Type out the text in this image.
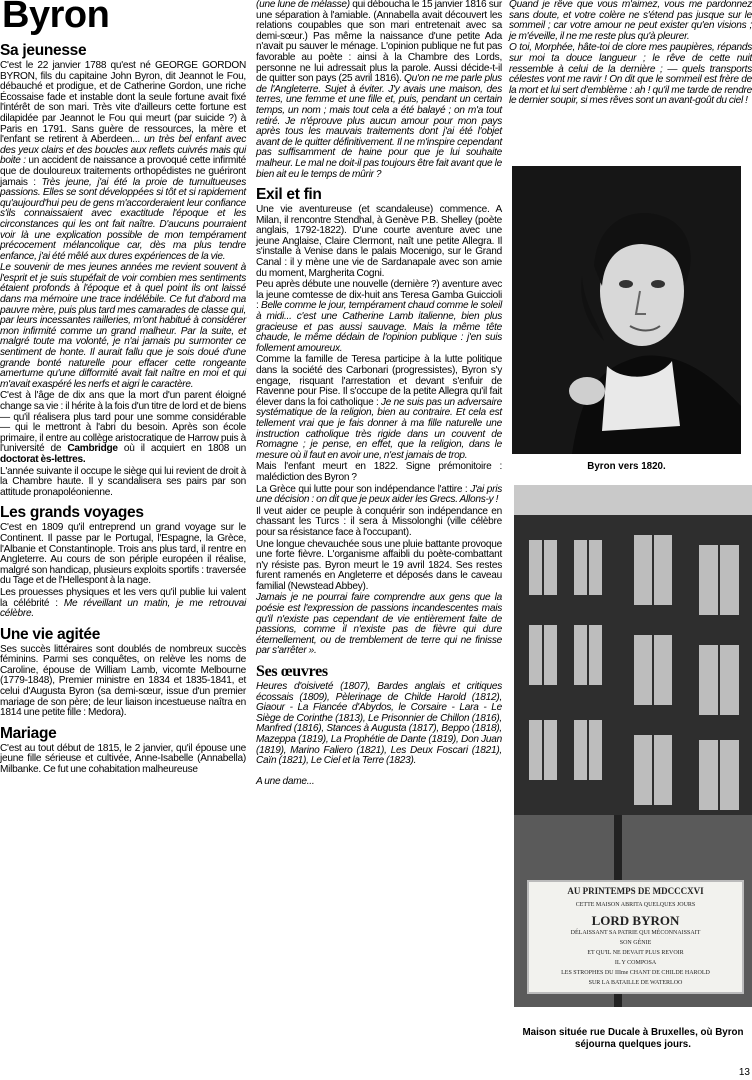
Byron
Sa jeunesse
C'est le 22 janvier 1788 qu'est né GEORGE GORDON BYRON, fils du capitaine John Byron, dit Jeannot le Fou, débauché et prodigue, et de Catherine Gordon, une riche Écossaise fade et instable dont la seule fortune avait fixé l'intérêt de son mari. Très vite d'ailleurs cette fortune est dilapidée par Jeannot le Fou qui meurt (par suicide ?) à Paris en 1791. Sans guère de ressources, la mère et l'enfant se retirent à Aberdeen... un très bel enfant avec des yeux clairs et des boucles aux reflets cuivrés mais qui boite : un accident de naissance a provoqué cette infirmité que de douloureux traitements orthopédistes ne guériront jamais : Très jeune, j'ai été la proie de tumultueuses passions. Elles se sont développées si tôt et si rapidement qu'aujourd'hui peu de gens m'accorderaient leur confiance s'ils connaissaient avec exactitude l'époque et les circonstances qui les ont fait naître. D'aucuns pourraient voir là une explication possible de mon tempérament précocement mélancolique car, dès ma plus tendre enfance, j'ai été mêlé aux dures expériences de la vie.
Le souvenir de mes jeunes années me revient souvent à l'esprit et je suis stupéfait de voir combien mes sentiments étaient profonds à l'époque et à quel point ils ont laissé dans ma mémoire une trace indélébile. Ce fut d'abord ma pauvre mère, puis plus tard mes camarades de classe qui, par leurs incessantes railleries, m'ont habitué à considérer mon infirmité comme un grand malheur. Par la suite, et malgré toute ma volonté, je n'ai jamais pu surmonter ce sentiment de honte. Il aurait fallu que je sois doué d'une grande bonté naturelle pour effacer cette rongeante amertume qu'une difformité avait fait naître en moi et qui m'avait exaspéré les nerfs et aigri le caractère.
C'est à l'âge de dix ans que la mort d'un parent éloigné change sa vie : il hérite à la fois d'un titre de lord et de biens — qu'il réalisera plus tard pour une somme considérable — qui le mettront à l'abri du besoin. Après son école primaire, il entre au collège aristocratique de Harrow puis à l'université de Cambridge où il acquiert en 1808 un doctorat ès-lettres.
L'année suivante il occupe le siège qui lui revient de droit à la Chambre haute. Il y scandalisera ses pairs par son attitude pronapoléonienne.
Les grands voyages
C'est en 1809 qu'il entreprend un grand voyage sur le Continent. Il passe par le Portugal, l'Espagne, la Grèce, l'Albanie et Constantinople. Trois ans plus tard, il rentre en Angleterre. Au cours de son périple européen il réalise, malgré son handicap, plusieurs exploits sportifs : traversée du Tage et de l'Hellespont à la nage.
Les prouesses physiques et les vers qu'il publie lui valent la célébrité : Me réveillant un matin, je me retrouvai célèbre.
Une vie agitée
Ses succès littéraires sont doublés de nombreux succès féminins. Parmi ses conquêtes, on relève les noms de Caroline, épouse de William Lamb, vicomte Melbourne (1779-1848), Premier ministre en 1834 et 1835-1841, et celui d'Augusta Byron (sa demi-sœur, issue d'un premier mariage de son père; de leur liaison incestueuse naîtra en 1814 une petite fille : Medora).
Mariage
C'est au tout début de 1815, le 2 janvier, qu'il épouse une jeune fille sérieuse et cultivée, Anne-Isabelle (Annabella) Milbanke. Ce fut une cohabitation malheureuse
(une lune de mélasse) qui déboucha le 15 janvier 1816 sur une séparation à l'amiable. (Annabella avait découvert les relations coupables que son mari entretenait avec sa demi-sœur.) Pas même la naissance d'une petite Ada n'avait pu sauver le ménage. L'opinion publique ne fut pas favorable au poète : ainsi à la Chambre des Lords, personne ne lui adressait plus la parole. Aussi décide-t-il de quitter son pays (25 avril 1816). Qu'on ne me parle plus de l'Angleterre. Sujet à éviter. J'y avais une maison, des terres, une femme et une fille et, puis, pendant un certain temps, un nom ; mais tout cela a été balayé ; on m'a tout retiré. Je n'éprouve plus aucun amour pour mon pays après tous les mauvais traitements dont j'ai été l'objet avant de le quitter définitivement. Il ne m'inspire cependant pas suffisamment de haine pour que je lui souhaite malheur. Le mal ne doit-il pas toujours être fait avant que le bien ait eu le temps de mûrir ?
Exil et fin
Une vie aventureuse (et scandaleuse) commence. A Milan, il rencontre Stendhal, à Genève P.B. Shelley (poète anglais, 1792-1822). D'une courte aventure avec une jeune Anglaise, Claire Clermont, naît une petite Allegra. Il s'installe à Venise dans le palais Mocenigo, sur le Grand Canal : il y mène une vie de Sardanapale avec son amie du moment, Margherita Cogni.
Peu après débute une nouvelle (dernière ?) aventure avec la jeune comtesse de dix-huit ans Teresa Gamba Guiccioli : Belle comme le jour, tempérament chaud comme le soleil à midi... c'est une Catherine Lamb italienne, bien plus gracieuse et pas aussi sauvage. Mais la même tête chaude, le même dédain de l'opinion publique : j'en suis follement amoureux.
Comme la famille de Teresa participe à la lutte politique dans la société des Carbonari (progressistes), Byron s'y engage, risquant l'arrestation et devant s'enfuir de Ravenne pour Pise. Il s'occupe de la petite Allegra qu'il fait élever dans la foi catholique : Je ne suis pas un adversaire systématique de la religion, bien au contraire. Et cela est tellement vrai que je fais donner à ma fille naturelle une instruction catholique très rigide dans un couvent de Romagne ; je pense, en effet, que la religion, dans le mesure où il faut en avoir une, n'est jamais de trop.
Mais l'enfant meurt en 1822. Signe prémonitoire : malédiction des Byron ?
La Grèce qui lutte pour son indépendance l'attire : J'ai pris une décision : on dit que je peux aider les Grecs. Allons-y !
Il veut aider ce peuple à conquérir son indépendance en chassant les Turcs : il sera à Missolonghi (ville célèbre pour sa résistance face à l'occupant).
Une longue chevauchée sous une pluie battante provoque une forte fièvre. L'organisme affaibli du poète-combattant n'y résiste pas. Byron meurt le 19 avril 1824. Ses restes furent ramenés en Angleterre et déposés dans le caveau familial (Newstead Abbey).
Jamais je ne pourrai faire comprendre aux gens que la poésie est l'expression de passions incandescentes mais qu'il n'existe pas cependant de vie entièrement faite de passions, comme il n'existe pas de fièvre qui dure éternellement, ou de tremblement de terre qui ne finisse par s'arrêter ».
Ses œuvres
Heures d'oisiveté (1807), Bardes anglais et critiques écossais (1809), Pèlerinage de Childe Harold (1812), Giaour - La Fiancée d'Abydos, le Corsaire - Lara - Le Siège de Corinthe (1813), Le Prisonnier de Chillon (1816), Manfred (1816), Stances à Augusta (1817), Beppo (1818), Mazeppa (1819), La Prophétie de Dante (1819), Don Juan (1819), Marino Faliero (1821), Les Deux Foscari (1821), Caïn (1821), Le Ciel et la Terre (1823).
A une dame...
Quand je rêve que vous m'aimez, vous me pardonnez sans doute, et votre colère ne s'étend pas jusque sur le sommeil ; car votre amour ne peut exister qu'en visions ; je m'éveille, il ne me reste plus qu'à pleurer.
O toi, Morphée, hâte-toi de clore mes paupières, répands sur moi ta douce langueur ; le rêve de cette nuit ressemble à celui de la dernière ; — quels transports célestes vont me ravir ! On dit que le sommeil est frère de la mort et lui sert d'emblème : ah ! qu'il me tarde de rendre le dernier soupir, si mes rêves sont un avant-goût du ciel !
Byron vers 1820.
AU PRINTEMPS DE MDCCCXVI
CETTE MAISON ABRITA QUELQUES JOURS
LORD BYRON
DÉLAISSANT SA PATRIE QUI MÉCONNAISSAIT
SON GÉNIE
ET QU'IL NE DEVAIT PLUS REVOIR
IL Y COMPOSA
LES STROPHES DU IIIme CHANT DE CHILDE HAROLD
SUR LA BATAILLE DE WATERLOO
Maison située rue Ducale à Bruxelles, où Byron séjourna quelques jours.
13
